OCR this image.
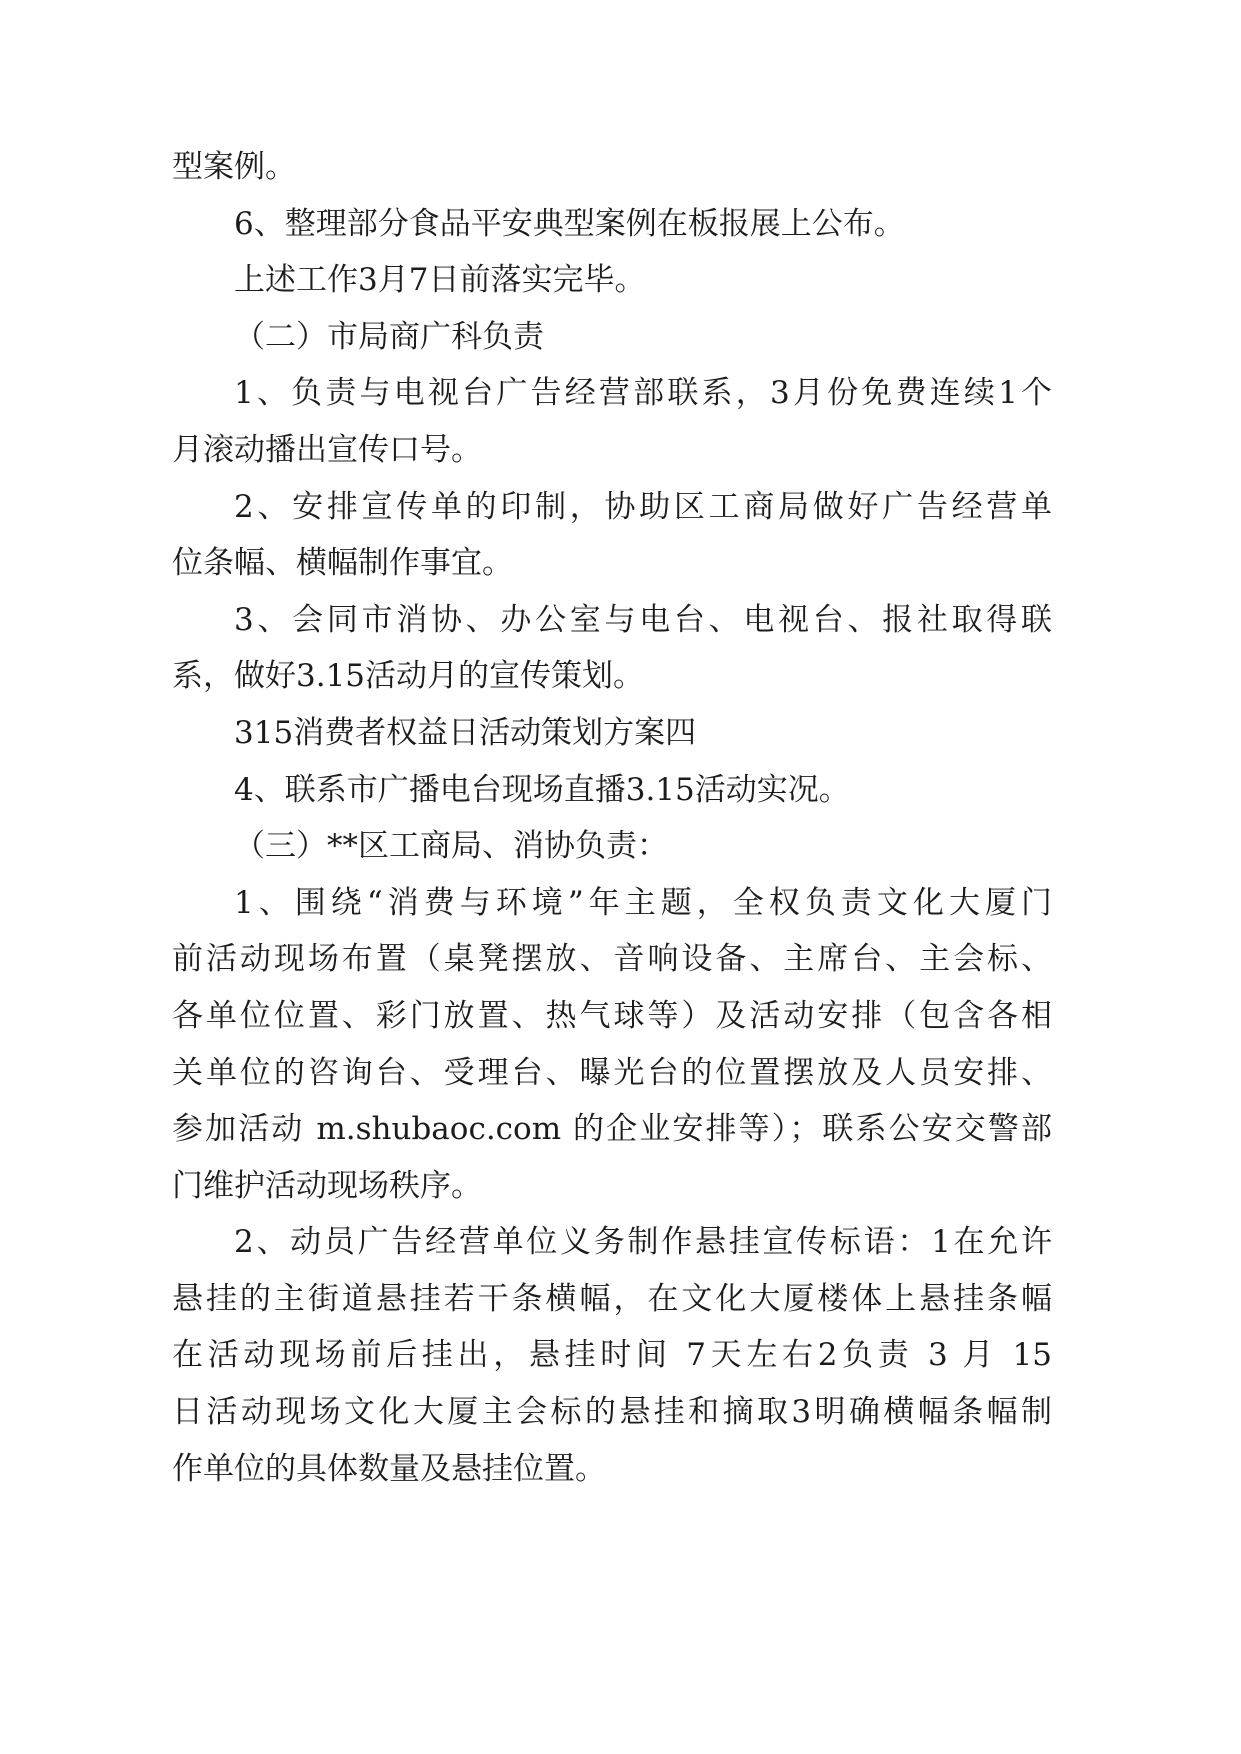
型案例。
6、整理部分食品平安典型案例在板报展上公布。
上述工作3月7日前落实完毕。
（二）市局商广科负责
1、负责与电视台广告经营部联系，3月份免费连续1个
月滚动播出宣传口号。
2、安排宣传单的印制，协助区工商局做好广告经营单
位条幅、横幅制作事宜。
3、会同市消协、办公室与电台、电视台、报社取得联
系，做好3.15活动月的宣传策划。
315消费者权益日活动策划方案四
4、联系市广播电台现场直播3.15活动实况。
（三）**区工商局、消协负责：
1、围绕“消费与环境”年主题，全权负责文化大厦门
前活动现场布置（桌凳摆放、音响设备、主席台、主会标、
各单位位置、彩门放置、热气球等）及活动安排（包含各相
关单位的咨询台、受理台、曝光台的位置摆放及人员安排、
参加活动 m.shubaoc.com 的企业安排等）；联系公安交警部
门维护活动现场秩序。
2、动员广告经营单位义务制作悬挂宣传标语：1在允许
悬挂的主街道悬挂若干条横幅，在文化大厦楼体上悬挂条幅
在活动现场前后挂出，悬挂时间 7天左右2负责 3 月 15
日活动现场文化大厦主会标的悬挂和摘取3明确横幅条幅制
作单位的具体数量及悬挂位置。
